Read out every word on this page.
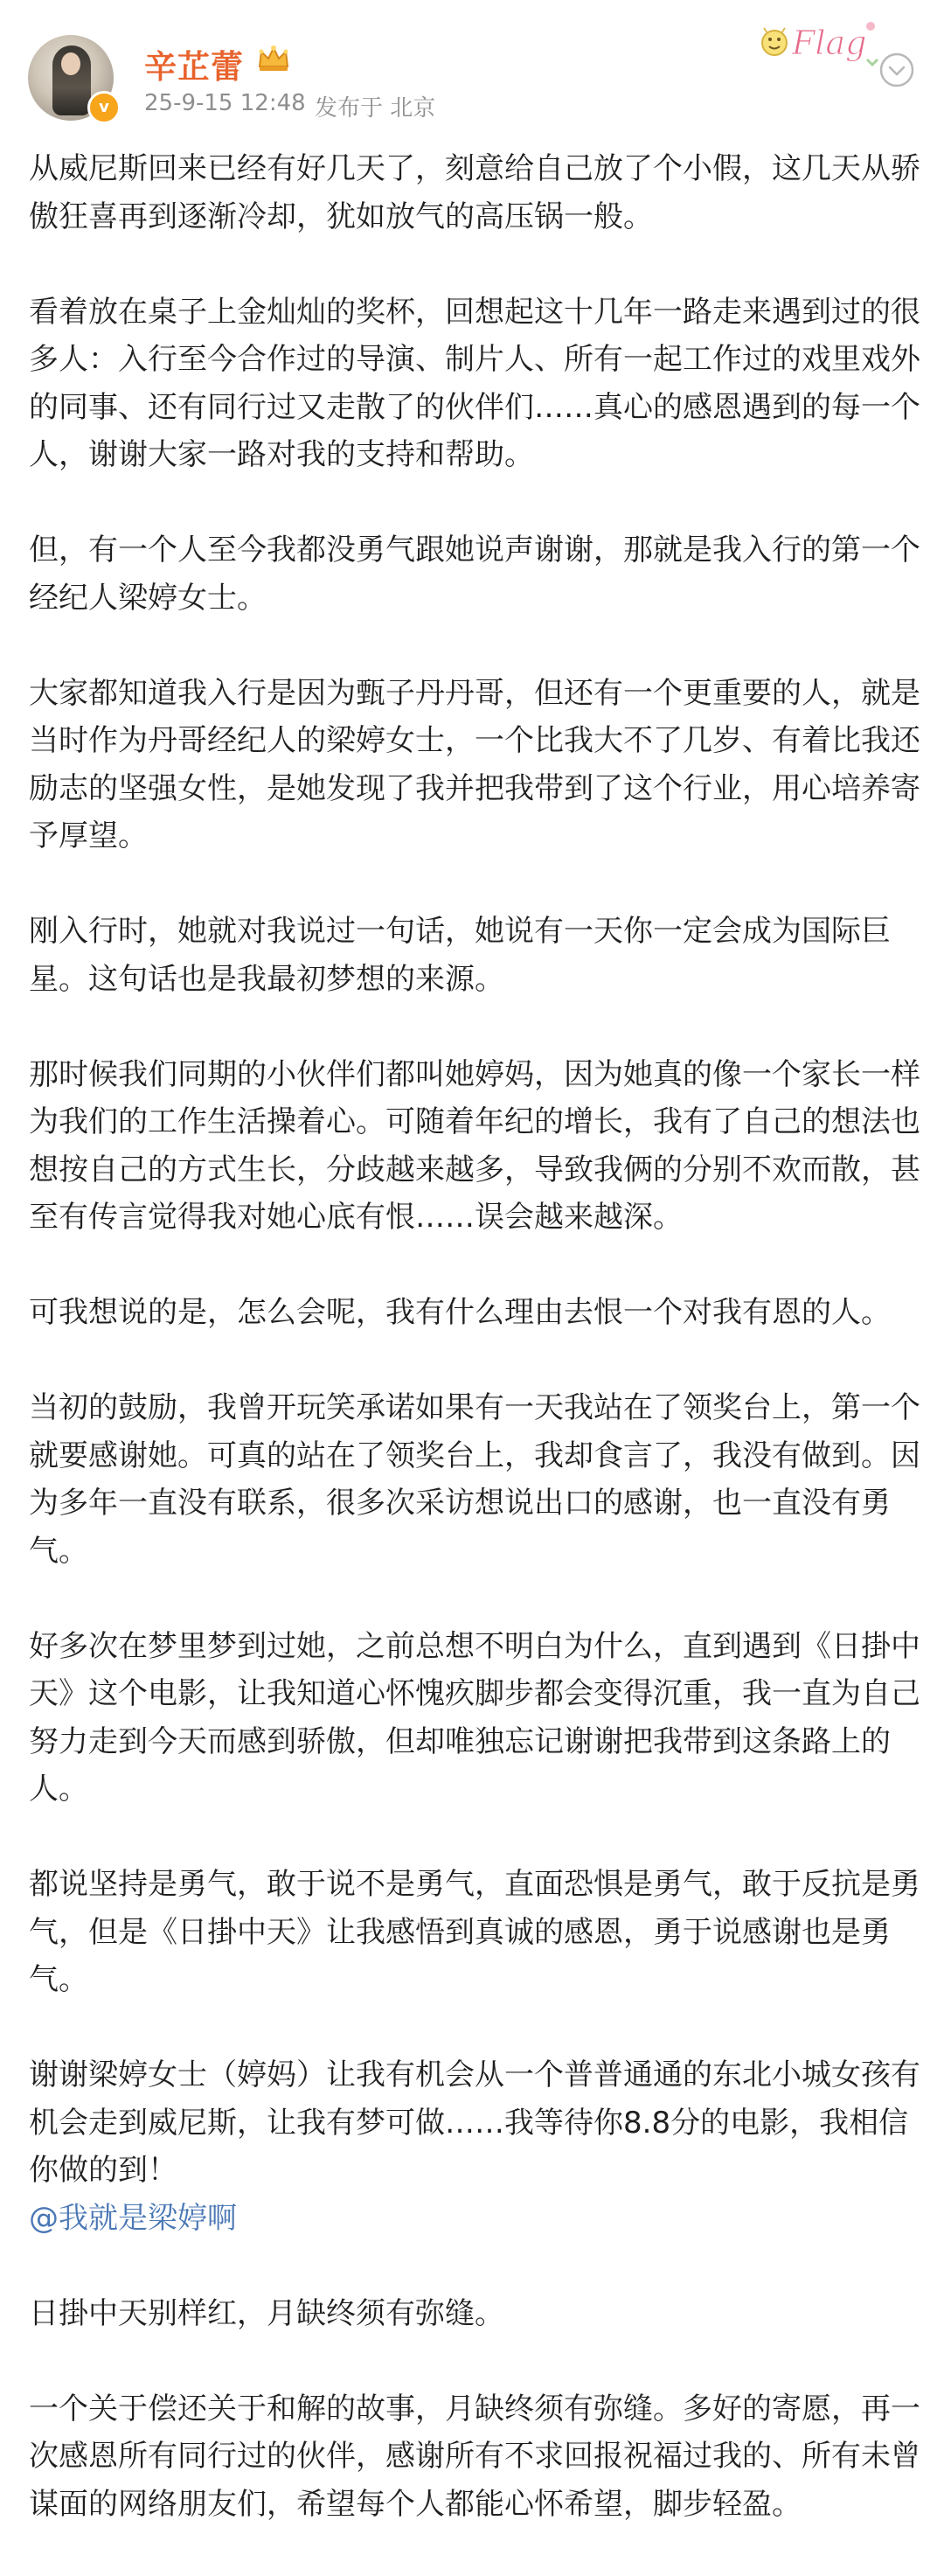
v
辛芷蕾
25-9-15 12:48 发布于 北京
Flag

从威尼斯回来已经有好几天了，刻意给自己放了个小假，这几天从骄傲狂喜再到逐渐冷却，犹如放气的高压锅一般。

看着放在桌子上金灿灿的奖杯，回想起这十几年一路走来遇到过的很多人：入行至今合作过的导演、制片人、所有一起工作过的戏里戏外的同事、还有同行过又走散了的伙伴们……真心的感恩遇到的每一个人，谢谢大家一路对我的支持和帮助。

但，有一个人至今我都没勇气跟她说声谢谢，那就是我入行的第一个经纪人梁婷女士。

大家都知道我入行是因为甄子丹丹哥，但还有一个更重要的人，就是当时作为丹哥经纪人的梁婷女士，一个比我大不了几岁、有着比我还励志的坚强女性，是她发现了我并把我带到了这个行业，用心培养寄予厚望。

刚入行时，她就对我说过一句话，她说有一天你一定会成为国际巨星。这句话也是我最初梦想的来源。

那时候我们同期的小伙伴们都叫她婷妈，因为她真的像一个家长一样为我们的工作生活操着心。可随着年纪的增长，我有了自己的想法也想按自己的方式生长，分歧越来越多，导致我俩的分别不欢而散，甚至有传言觉得我对她心底有恨……误会越来越深。

可我想说的是，怎么会呢，我有什么理由去恨一个对我有恩的人。

当初的鼓励，我曾开玩笑承诺如果有一天我站在了领奖台上，第一个就要感谢她。可真的站在了领奖台上，我却食言了，我没有做到。因为多年一直没有联系，很多次采访想说出口的感谢，也一直没有勇气。

好多次在梦里梦到过她，之前总想不明白为什么，直到遇到《日掛中天》这个电影，让我知道心怀愧疚脚步都会变得沉重，我一直为自己努力走到今天而感到骄傲，但却唯独忘记谢谢把我带到这条路上的人。

都说坚持是勇气，敢于说不是勇气，直面恐惧是勇气，敢于反抗是勇气，但是《日掛中天》让我感悟到真诚的感恩，勇于说感谢也是勇气。

谢谢梁婷女士（婷妈）让我有机会从一个普普通通的东北小城女孩有机会走到威尼斯，让我有梦可做……我等待你8.8分的电影，我相信你做的到！
@我就是梁婷啊

日掛中天别样红，月缺终须有弥缝。

一个关于偿还关于和解的故事，月缺终须有弥缝。多好的寄愿，再一次感恩所有同行过的伙伴，感谢所有不求回报祝福过我的、所有未曾谋面的网络朋友们，希望每个人都能心怀希望，脚步轻盈。
